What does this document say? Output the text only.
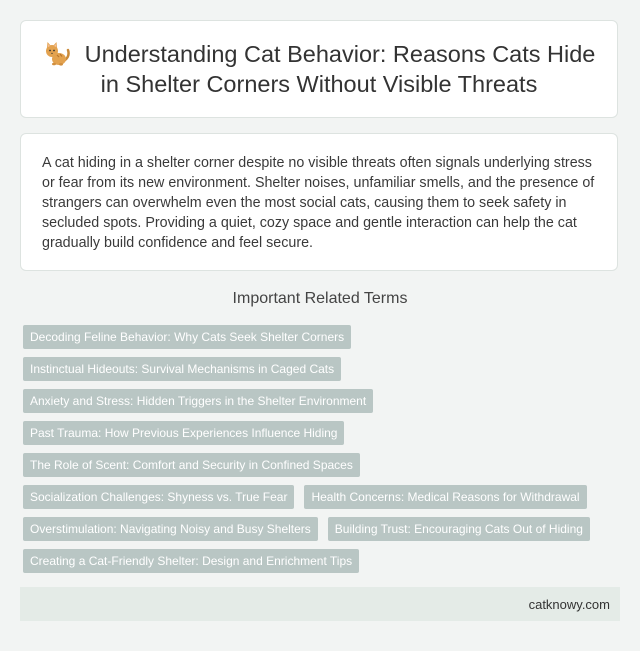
Understanding Cat Behavior: Reasons Cats Hide in Shelter Corners Without Visible Threats

A cat hiding in a shelter corner despite no visible threats often signals underlying stress or fear from its new environment. Shelter noises, unfamiliar smells, and the presence of strangers can overwhelm even the most social cats, causing them to seek safety in secluded spots. Providing a quiet, cozy space and gentle interaction can help the cat gradually build confidence and feel secure.

Important Related Terms
Decoding Feline Behavior: Why Cats Seek Shelter Corners
Instinctual Hideouts: Survival Mechanisms in Caged Cats
Anxiety and Stress: Hidden Triggers in the Shelter Environment
Past Trauma: How Previous Experiences Influence Hiding
The Role of Scent: Comfort and Security in Confined Spaces
Socialization Challenges: Shyness vs. True Fear	Health Concerns: Medical Reasons for Withdrawal
Overstimulation: Navigating Noisy and Busy Shelters	Building Trust: Encouraging Cats Out of Hiding
Creating a Cat-Friendly Shelter: Design and Enrichment Tips
catknowy.com
